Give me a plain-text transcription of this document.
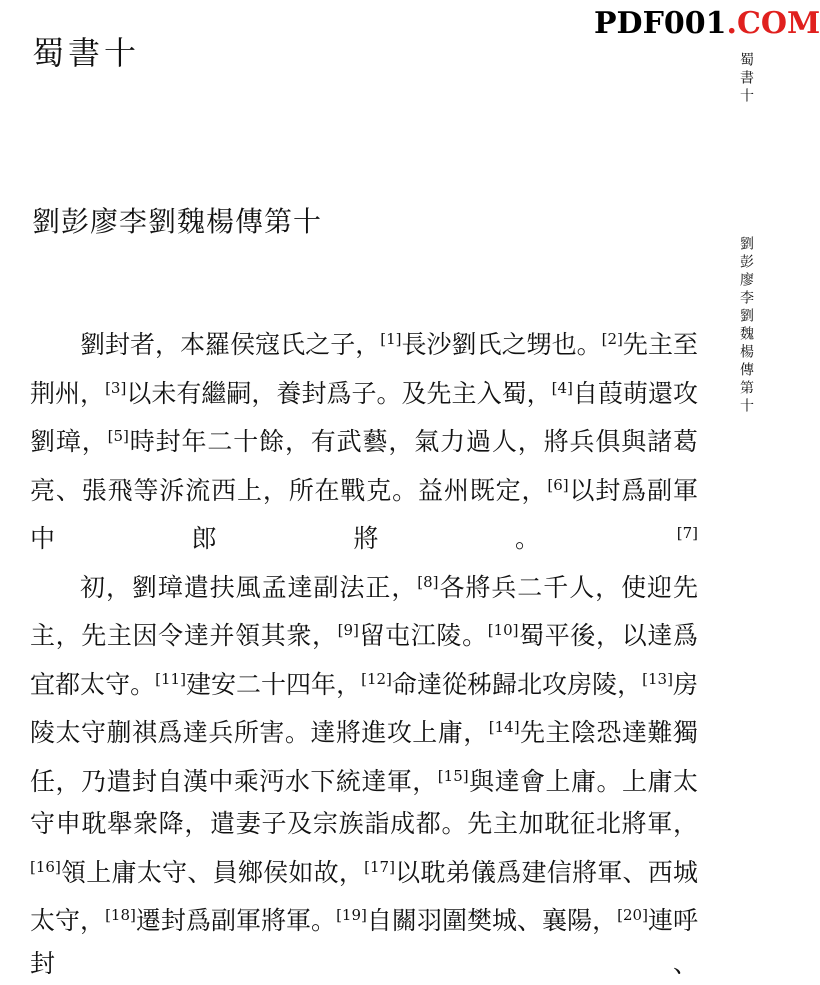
蜀書十
PDF001.COM
蜀書十
劉彭廖李劉魏楊傳第十
劉彭廖李劉魏楊傳第十

劉封者，本羅侯寇氏之子，[1]長沙劉氏之甥也。[2]先主至荆州，[3]以未有繼嗣，養封爲子。及先主入蜀，[4]自葭萌還攻劉璋，[5]時封年二十餘，有武藝，氣力過人，將兵俱與諸葛亮、張飛等泝流西上，所在戰克。益州既定，[6]以封爲副軍中郎將。[7]

初，劉璋遣扶風孟達副法正，[8]各將兵二千人，使迎先主，先主因令達并領其衆，[9]留屯江陵。[10]蜀平後，以達爲宜都太守。[11]建安二十四年，[12]命達從秭歸北攻房陵，[13]房陵太守蒯祺爲達兵所害。達將進攻上庸，[14]先主陰恐達難獨任，乃遣封自漢中乘沔水下統達軍，[15]與達會上庸。上庸太守申耽舉衆降，遣妻子及宗族詣成都。先主加耽征北將軍，[16]領上庸太守、員鄉侯如故，[17]以耽弟儀爲建信將軍、西城太守，[18]遷封爲副軍將軍。[19]自關羽圍樊城、襄陽，[20]連呼封、
